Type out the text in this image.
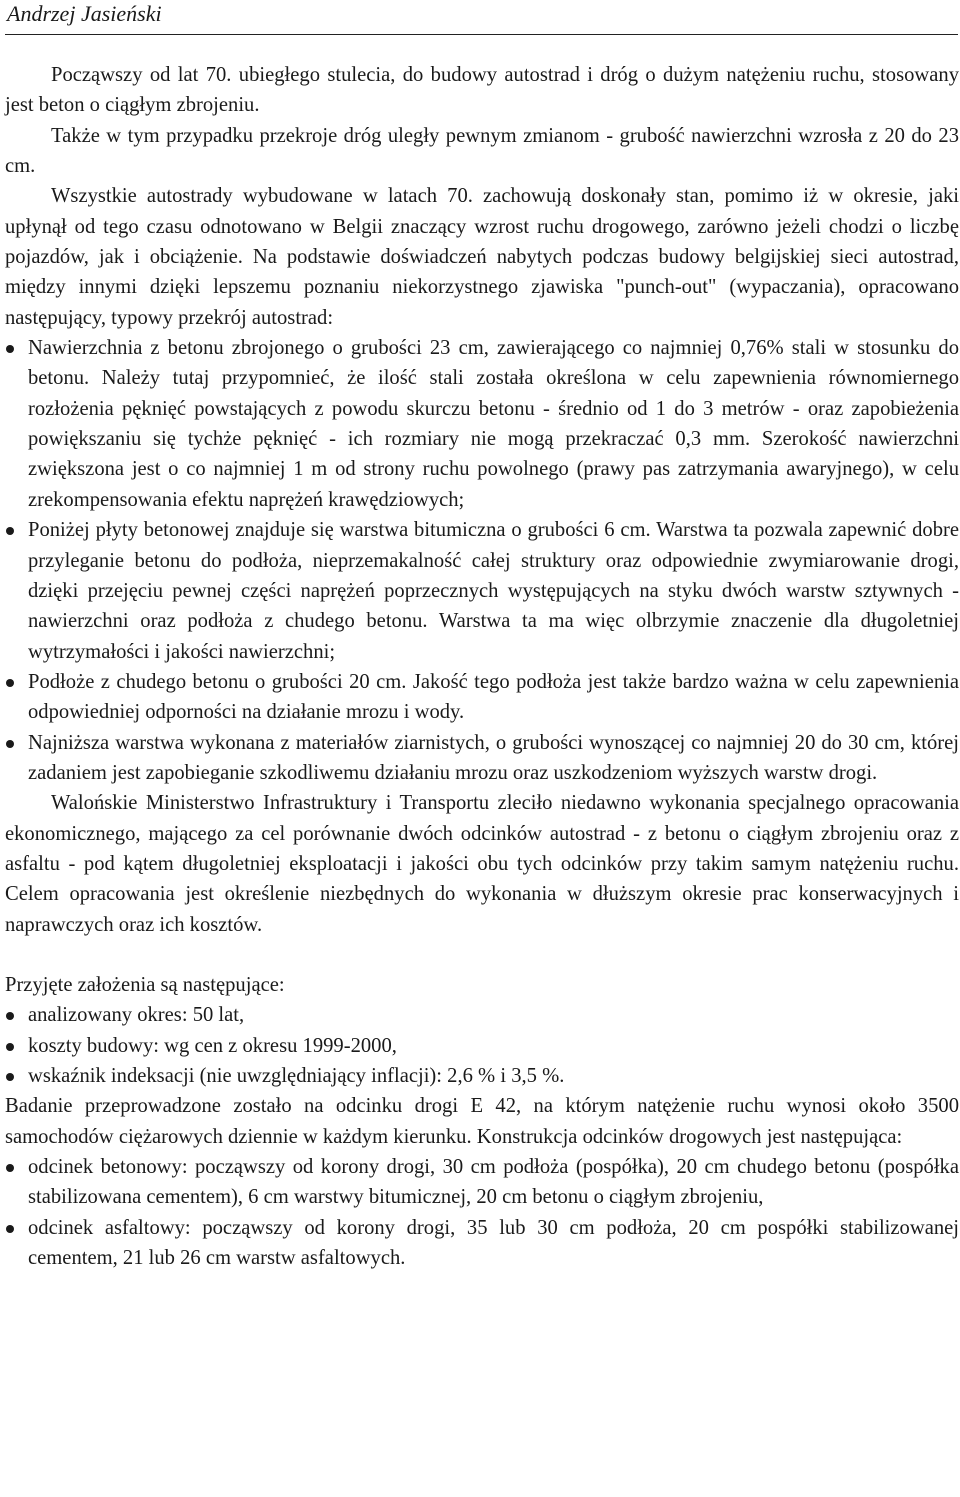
Andrzej Jasieński

Począwszy od lat 70. ubiegłego stulecia, do budowy autostrad i dróg o dużym natężeniu ruchu, stosowany jest beton o ciągłym zbrojeniu.

Także w tym przypadku przekroje dróg uległy pewnym zmianom - grubość nawierzchni wzrosła z 20 do 23 cm.

Wszystkie autostrady wybudowane w latach 70. zachowują doskonały stan, pomimo iż w okresie, jaki upłynął od tego czasu odnotowano w Belgii znaczący wzrost ruchu drogowego, zarówno jeżeli chodzi o liczbę pojazdów, jak i obciążenie. Na podstawie doświadczeń nabytych podczas budowy belgijskiej sieci autostrad, między innymi dzięki lepszemu poznaniu niekorzystnego zjawiska "punch-out" (wypaczania), opracowano następujący, typowy przekrój autostrad:

Nawierzchnia z betonu zbrojonego o grubości 23 cm, zawierającego co najmniej 0,76% stali w stosunku do betonu. Należy tutaj przypomnieć, że ilość stali została określona w celu zapewnienia równomiernego rozłożenia pęknięć powstających z powodu skurczu betonu - średnio od 1 do 3 metrów - oraz zapobieżenia powiększaniu się tychże pęknięć - ich rozmiary nie mogą przekraczać 0,3 mm. Szerokość nawierzchni zwiększona jest o co najmniej 1 m od strony ruchu powolnego (prawy pas zatrzymania awaryjnego), w celu zrekompensowania efektu naprężeń krawędziowych;
Poniżej płyty betonowej znajduje się warstwa bitumiczna o grubości 6 cm. Warstwa ta pozwala zapewnić dobre przyleganie betonu do podłoża, nieprzemakalność całej struktury oraz odpowiednie zwymiarowanie drogi, dzięki przejęciu pewnej części naprężeń poprzecznych występujących na styku dwóch warstw sztywnych - nawierzchni oraz podłoża z chudego betonu. Warstwa ta ma więc olbrzymie znaczenie dla długoletniej wytrzymałości i jakości nawierzchni;
Podłoże z chudego betonu o grubości 20 cm. Jakość tego podłoża jest także bardzo ważna w celu zapewnienia odpowiedniej odporności na działanie mrozu i wody.
Najniższa warstwa wykonana z materiałów ziarnistych, o grubości wynoszącej co najmniej 20 do 30 cm, której zadaniem jest zapobieganie szkodliwemu działaniu mrozu oraz uszkodzeniom wyższych warstw drogi.

Walońskie Ministerstwo Infrastruktury i Transportu zleciło niedawno wykonania specjalnego opracowania ekonomicznego, mającego za cel porównanie dwóch odcinków autostrad - z betonu o ciągłym zbrojeniu oraz z asfaltu - pod kątem długoletniej eksploatacji i jakości obu tych odcinków przy takim samym natężeniu ruchu. Celem opracowania jest określenie niezbędnych do wykonania w dłuższym okresie prac konserwacyjnych i naprawczych oraz ich kosztów.

Przyjęte założenia są następujące:

analizowany okres: 50 lat,
koszty budowy: wg cen z okresu 1999-2000,
wskaźnik indeksacji (nie uwzględniający inflacji): 2,6 % i 3,5 %.

Badanie przeprowadzone zostało na odcinku drogi E 42, na którym natężenie ruchu wynosi około 3500 samochodów ciężarowych dziennie w każdym kierunku. Konstrukcja odcinków drogowych jest następująca:

odcinek betonowy: począwszy od korony drogi, 30 cm podłoża (pospółka), 20 cm chudego betonu (pospółka stabilizowana cementem), 6 cm warstwy bitumicznej, 20 cm betonu o ciągłym zbrojeniu,
odcinek asfaltowy: począwszy od korony drogi, 35 lub 30 cm podłoża, 20 cm pospółki stabilizowanej cementem, 21 lub 26 cm warstw asfaltowych.
